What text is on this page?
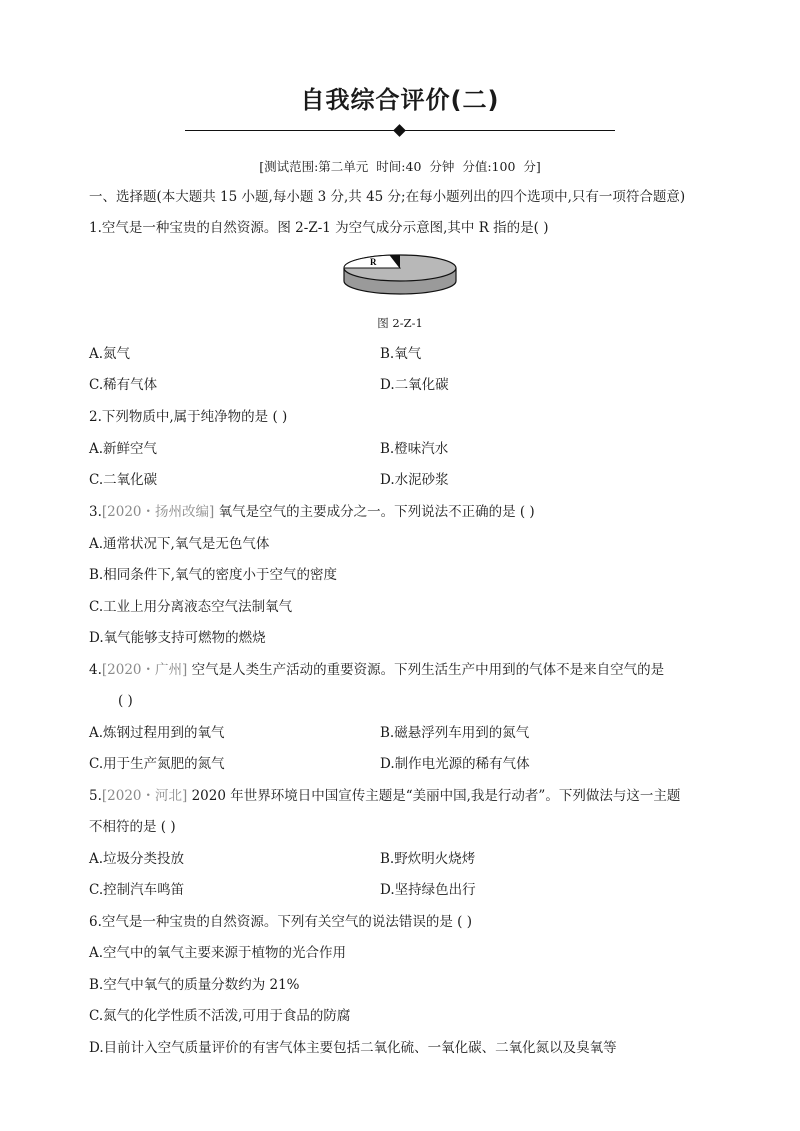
自我综合评价(二)
[测试范围:第二单元 时间:40 分钟 分值:100 分]
一、选择题(本大题共 15 小题,每小题 3 分,共 45 分;在每小题列出的四个选项中,只有一项符合题意)
1.空气是一种宝贵的自然资源。图 2-Z-1 为空气成分示意图,其中 R 指的是( )
R
图 2-Z-1
A.氮气	B.氧气
C.稀有气体	D.二氧化碳
2.下列物质中,属于纯净物的是 ( )
A.新鲜空气	B.橙味汽水
C.二氧化碳	D.水泥砂浆
3.[2020・扬州改编] 氧气是空气的主要成分之一。下列说法不正确的是 ( )
A.通常状况下,氧气是无色气体
B.相同条件下,氧气的密度小于空气的密度
C.工业上用分离液态空气法制氧气
D.氧气能够支持可燃物的燃烧
4.[2020・广州] 空气是人类生产活动的重要资源。下列生活生产中用到的气体不是来自空气的是
( )
A.炼钢过程用到的氧气	B.磁悬浮列车用到的氮气
C.用于生产氮肥的氮气	D.制作电光源的稀有气体
5.[2020・河北] 2020 年世界环境日中国宣传主题是“美丽中国,我是行动者”。下列做法与这一主题
不相符的是 ( )
A.垃圾分类投放	B.野炊明火烧烤
C.控制汽车鸣笛	D.坚持绿色出行
6.空气是一种宝贵的自然资源。下列有关空气的说法错误的是 ( )
A.空气中的氧气主要来源于植物的光合作用
B.空气中氧气的质量分数约为 21%
C.氮气的化学性质不活泼,可用于食品的防腐
D.目前计入空气质量评价的有害气体主要包括二氧化硫、一氧化碳、二氧化氮以及臭氧等
